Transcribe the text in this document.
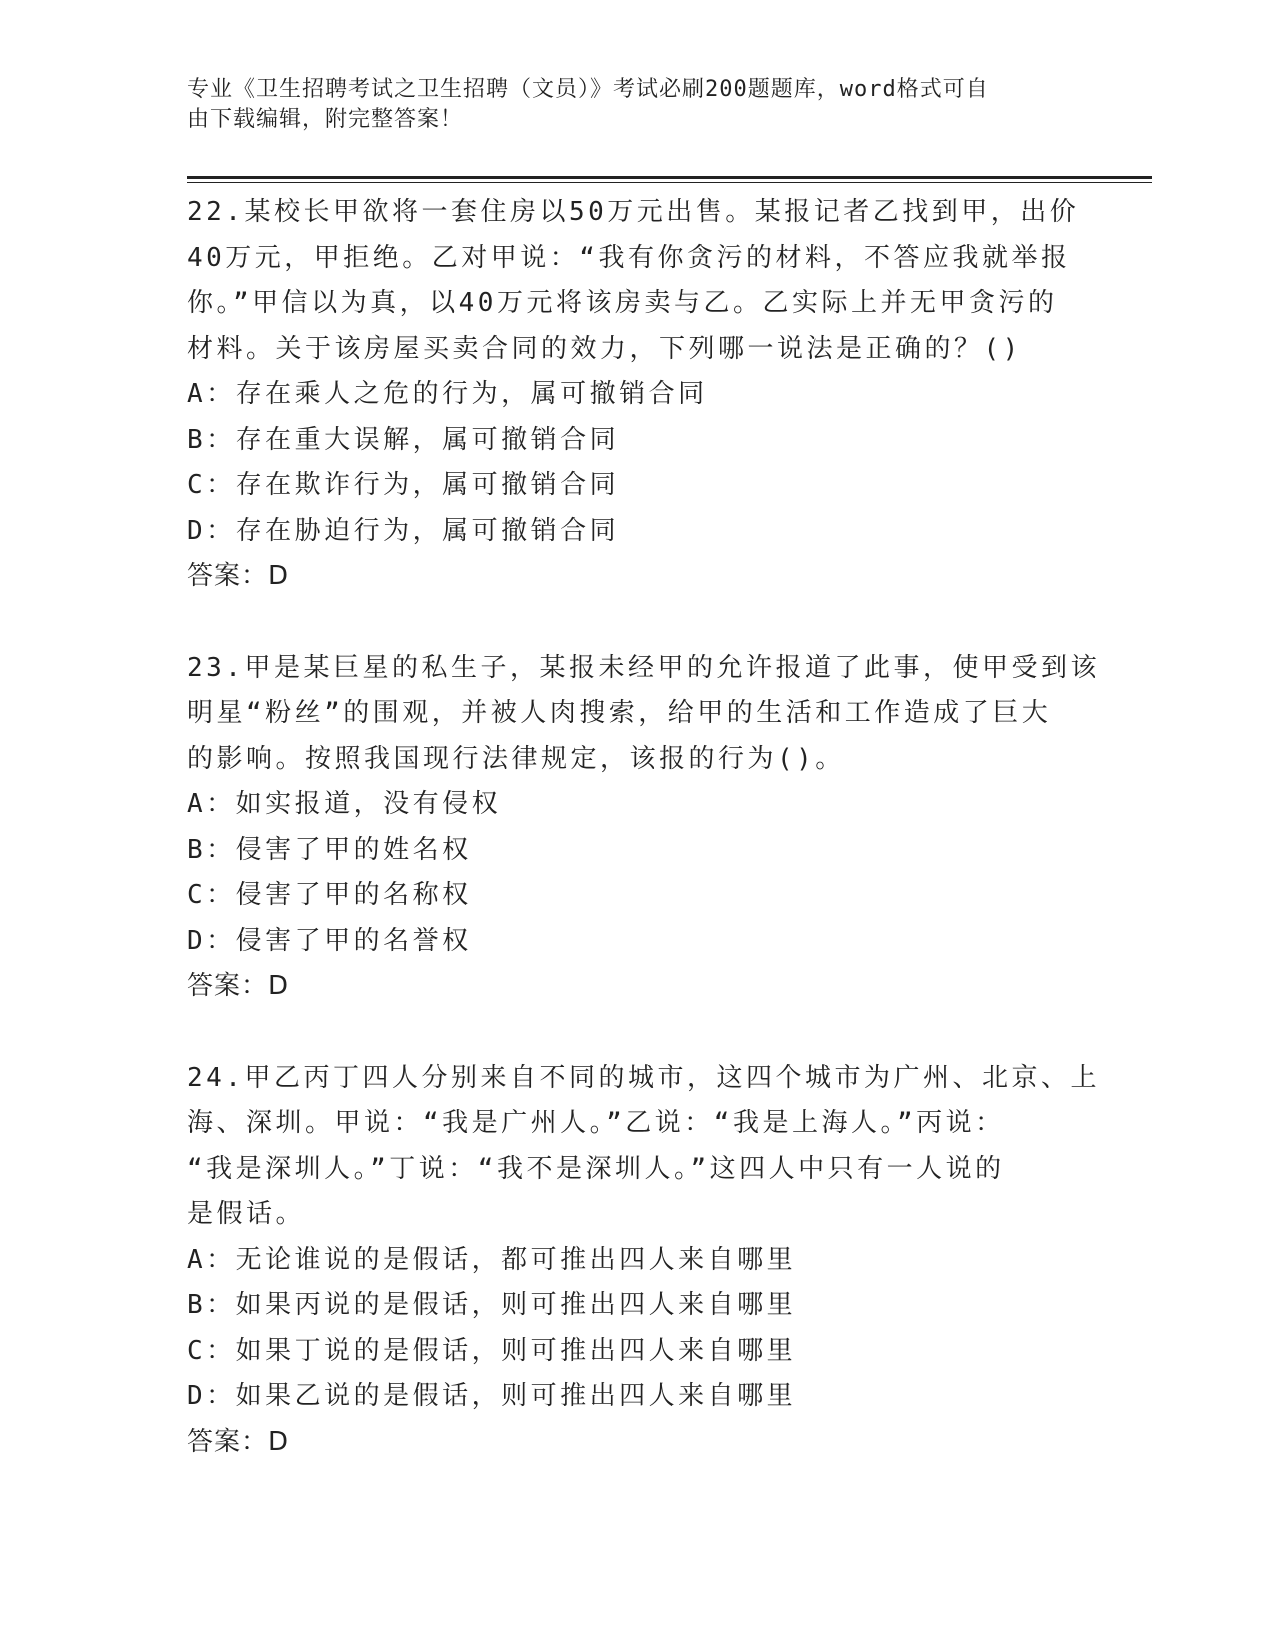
专业《卫生招聘考试之卫生招聘（文员）》考试必刷200题题库，word格式可自
由下载编辑，附完整答案！
22.某校长甲欲将一套住房以50万元出售。某报记者乙找到甲，出价
40万元，甲拒绝。乙对甲说：“我有你贪污的材料，不答应我就举报
你。”甲信以为真，以40万元将该房卖与乙。乙实际上并无甲贪污的
材料。关于该房屋买卖合同的效力，下列哪一说法是正确的？()
A：存在乘人之危的行为，属可撤销合同
B：存在重大误解，属可撤销合同
C：存在欺诈行为，属可撤销合同
D：存在胁迫行为，属可撤销合同
答案：D
23.甲是某巨星的私生子，某报未经甲的允许报道了此事，使甲受到该
明星“粉丝”的围观，并被人肉搜索，给甲的生活和工作造成了巨大
的影响。按照我国现行法律规定，该报的行为()。
A：如实报道，没有侵权
B：侵害了甲的姓名权
C：侵害了甲的名称权
D：侵害了甲的名誉权
答案：D
24.甲乙丙丁四人分别来自不同的城市，这四个城市为广州、北京、上
海、深圳。甲说：“我是广州人。”乙说：“我是上海人。”丙说：
“我是深圳人。”丁说：“我不是深圳人。”这四人中只有一人说的
是假话。
A：无论谁说的是假话，都可推出四人来自哪里
B：如果丙说的是假话，则可推出四人来自哪里
C：如果丁说的是假话，则可推出四人来自哪里
D：如果乙说的是假话，则可推出四人来自哪里
答案：D
